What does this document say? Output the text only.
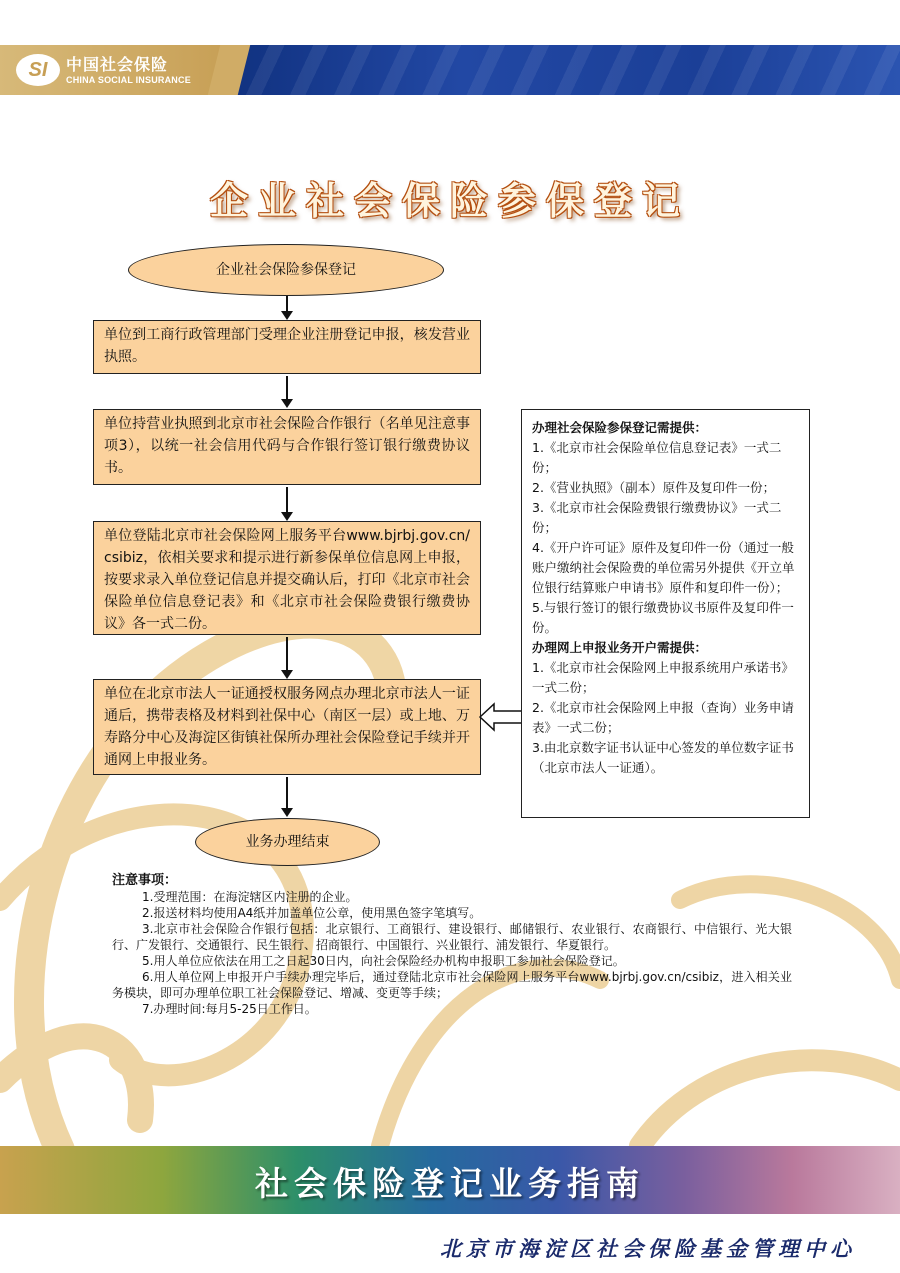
SI	中国社会保险
CHINA SOCIAL INSURANCE
企业社会保险参保登记
企业社会保险参保登记
单位到工商行政管理部门受理企业注册登记申报，核发营业执照。
单位持营业执照到北京市社会保险合作银行（名单见注意事项3），以统一社会信用代码与合作银行签订银行缴费协议书。
单位登陆北京市社会保险网上服务平台www.bjrbj.gov.cn/csibiz，依相关要求和提示进行新参保单位信息网上申报，按要求录入单位登记信息并提交确认后，打印《北京市社会保险单位信息登记表》和《北京市社会保险费银行缴费协议》各一式二份。
单位在北京市法人一证通授权服务网点办理北京市法人一证通后，携带表格及材料到社保中心（南区一层）或上地、万寿路分中心及海淀区街镇社保所办理社会保险登记手续并开通网上申报业务。
业务办理结束

办理社会保险参保登记需提供：

1.《北京市社会保险单位信息登记表》一式二份；

2.《营业执照》（副本）原件及复印件一份；

3.《北京市社会保险费银行缴费协议》一式二份；

4.《开户许可证》原件及复印件一份（通过一般账户缴纳社会保险费的单位需另外提供《开立单位银行结算账户申请书》原件和复印件一份）；

5.与银行签订的银行缴费协议书原件及复印件一份。

办理网上申报业务开户需提供：

1.《北京市社会保险网上申报系统用户承诺书》一式二份；

2.《北京市社会保险网上申报（查询）业务申请表》一式二份；

3.由北京数字证书认证中心签发的单位数字证书（北京市法人一证通）。

注意事项：

1.受理范围：在海淀辖区内注册的企业。

2.报送材料均使用A4纸并加盖单位公章，使用黑色签字笔填写。

3.北京市社会保险合作银行包括：北京银行、工商银行、建设银行、邮储银行、农业银行、农商银行、中信银行、光大银行、广发银行、交通银行、民生银行、招商银行、中国银行、兴业银行、浦发银行、华夏银行。

5.用人单位应依法在用工之日起30日内，向社会保险经办机构申报职工参加社会保险登记。

6.用人单位网上申报开户手续办理完毕后，通过登陆北京市社会保险网上服务平台www.bjrbj.gov.cn/csibiz，进入相关业务模块，即可办理单位职工社会保险登记、增减、变更等手续；

7.办理时间:每月5-25日工作日。

社会保险登记业务指南
北京市海淀区社会保险基金管理中心
